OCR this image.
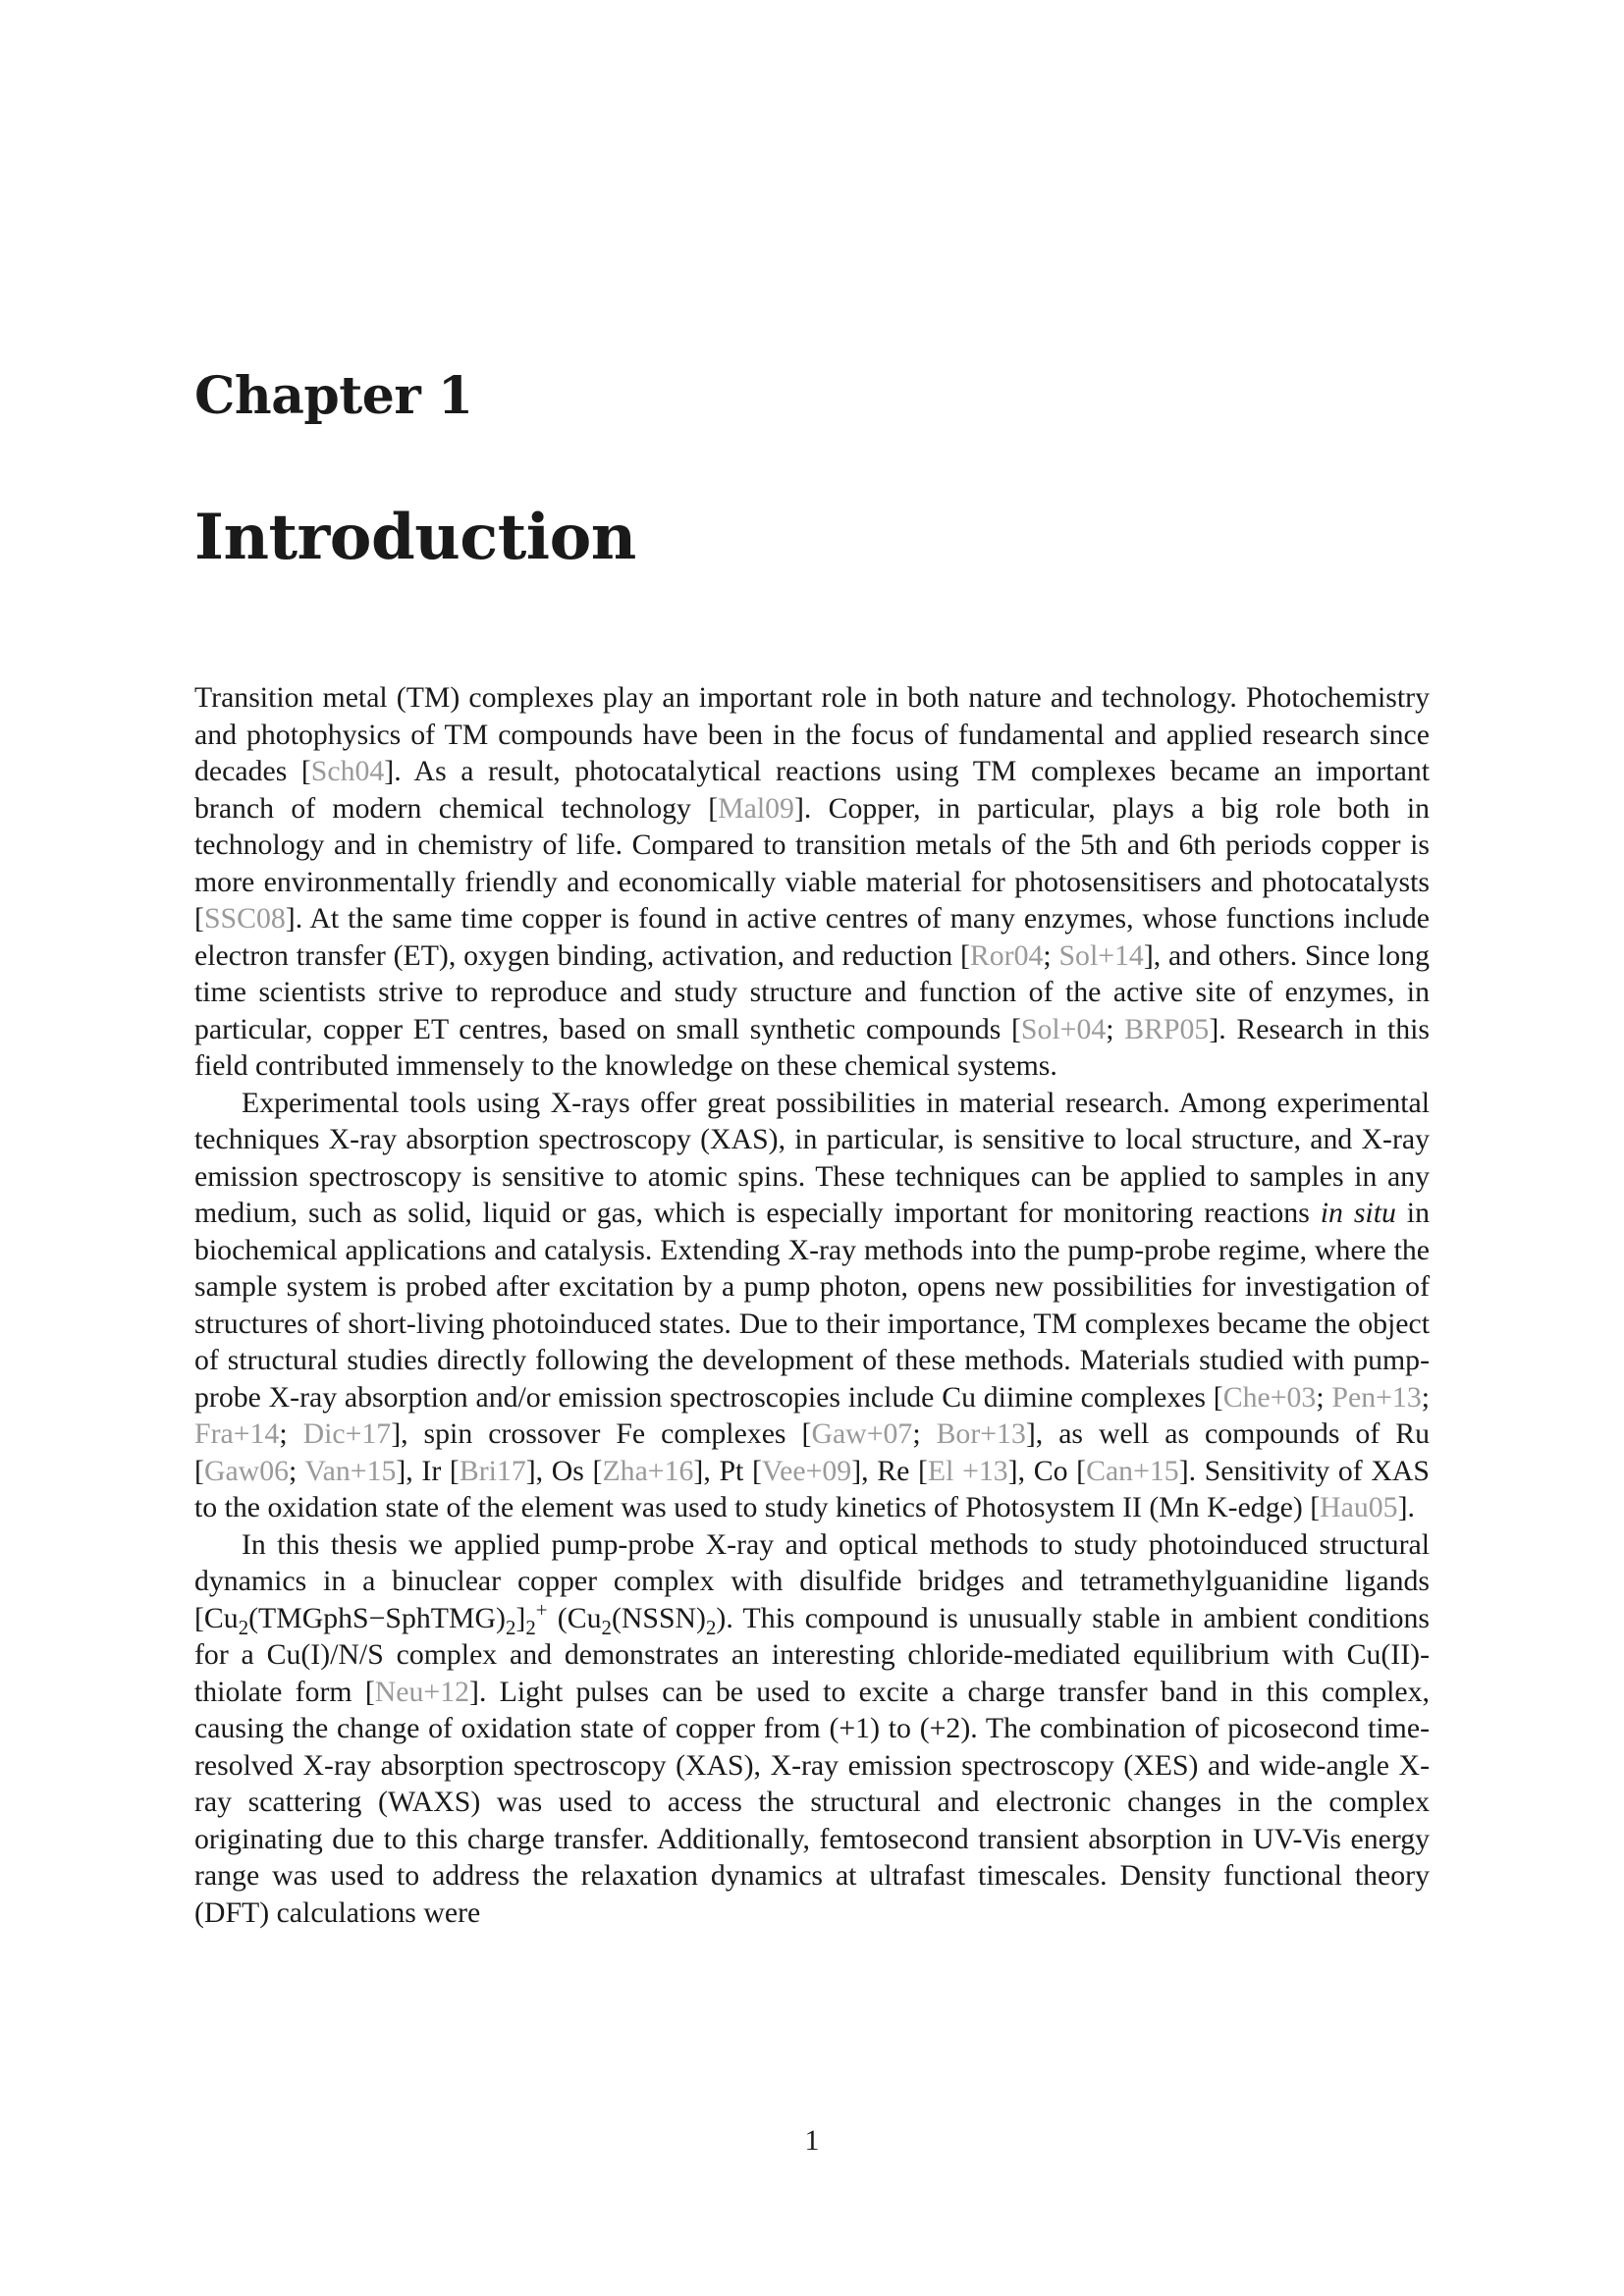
Chapter 1
Introduction

Transition metal (TM) complexes play an important role in both nature and technology. Photochemistry and photophysics of TM compounds have been in the focus of fundamental and applied research since decades [Sch04]. As a result, photocatalytical reactions using TM complexes became an important branch of modern chemical technology [Mal09]. Copper, in particular, plays a big role both in technology and in chemistry of life. Compared to transition metals of the 5th and 6th periods copper is more environmentally friendly and economically viable material for photosensitisers and photocatalysts [SSC08]. At the same time copper is found in active centres of many enzymes, whose functions include electron transfer (ET), oxygen binding, activation, and reduction [Ror04; Sol+14], and others. Since long time scientists strive to reproduce and study structure and function of the active site of enzymes, in particular, copper ET centres, based on small synthetic compounds [Sol+04; BRP05]. Research in this field contributed immensely to the knowledge on these chemical systems.

Experimental tools using X-rays offer great possibilities in material research. Among experimental techniques X-ray absorption spectroscopy (XAS), in particular, is sensitive to local structure, and X-ray emission spectroscopy is sensitive to atomic spins. These techniques can be applied to samples in any medium, such as solid, liquid or gas, which is especially important for monitoring reactions in situ in biochemical applications and catalysis. Extending X-ray methods into the pump-probe regime, where the sample system is probed after excitation by a pump photon, opens new possibilities for investigation of structures of short-living photoinduced states. Due to their importance, TM complexes became the object of structural studies directly following the development of these methods. Materials studied with pump-probe X-ray absorption and/or emission spectroscopies include Cu diimine complexes [Che+03; Pen+13; Fra+14; Dic+17], spin crossover Fe complexes [Gaw+07; Bor+13], as well as compounds of Ru [Gaw06; Van+15], Ir [Bri17], Os [Zha+16], Pt [Vee+09], Re [El +13], Co [Can+15]. Sensitivity of XAS to the oxidation state of the element was used to study kinetics of Photosystem II (Mn K-edge) [Hau05].

In this thesis we applied pump-probe X-ray and optical methods to study photoinduced structural dynamics in a binuclear copper complex with disulfide bridges and tetramethylguanidine ligands $[Cu_2(TMGphS-SphTMG)_2]_2^+$ $(Cu_2(NSSN)_2)$. This compound is unusually stable in ambient conditions for a Cu(I)/N/S complex and demonstrates an interesting chloride-mediated equilibrium with Cu(II)-thiolate form [Neu+12]. Light pulses can be used to excite a charge transfer band in this complex, causing the change of oxidation state of copper from (+1) to (+2). The combination of picosecond time-resolved X-ray absorption spectroscopy (XAS), X-ray emission spectroscopy (XES) and wide-angle X-ray scattering (WAXS) was used to access the structural and electronic changes in the complex originating due to this charge transfer. Additionally, femtosecond transient absorption in UV-Vis energy range was used to address the relaxation dynamics at ultrafast timescales. Density functional theory (DFT) calculations were

1
